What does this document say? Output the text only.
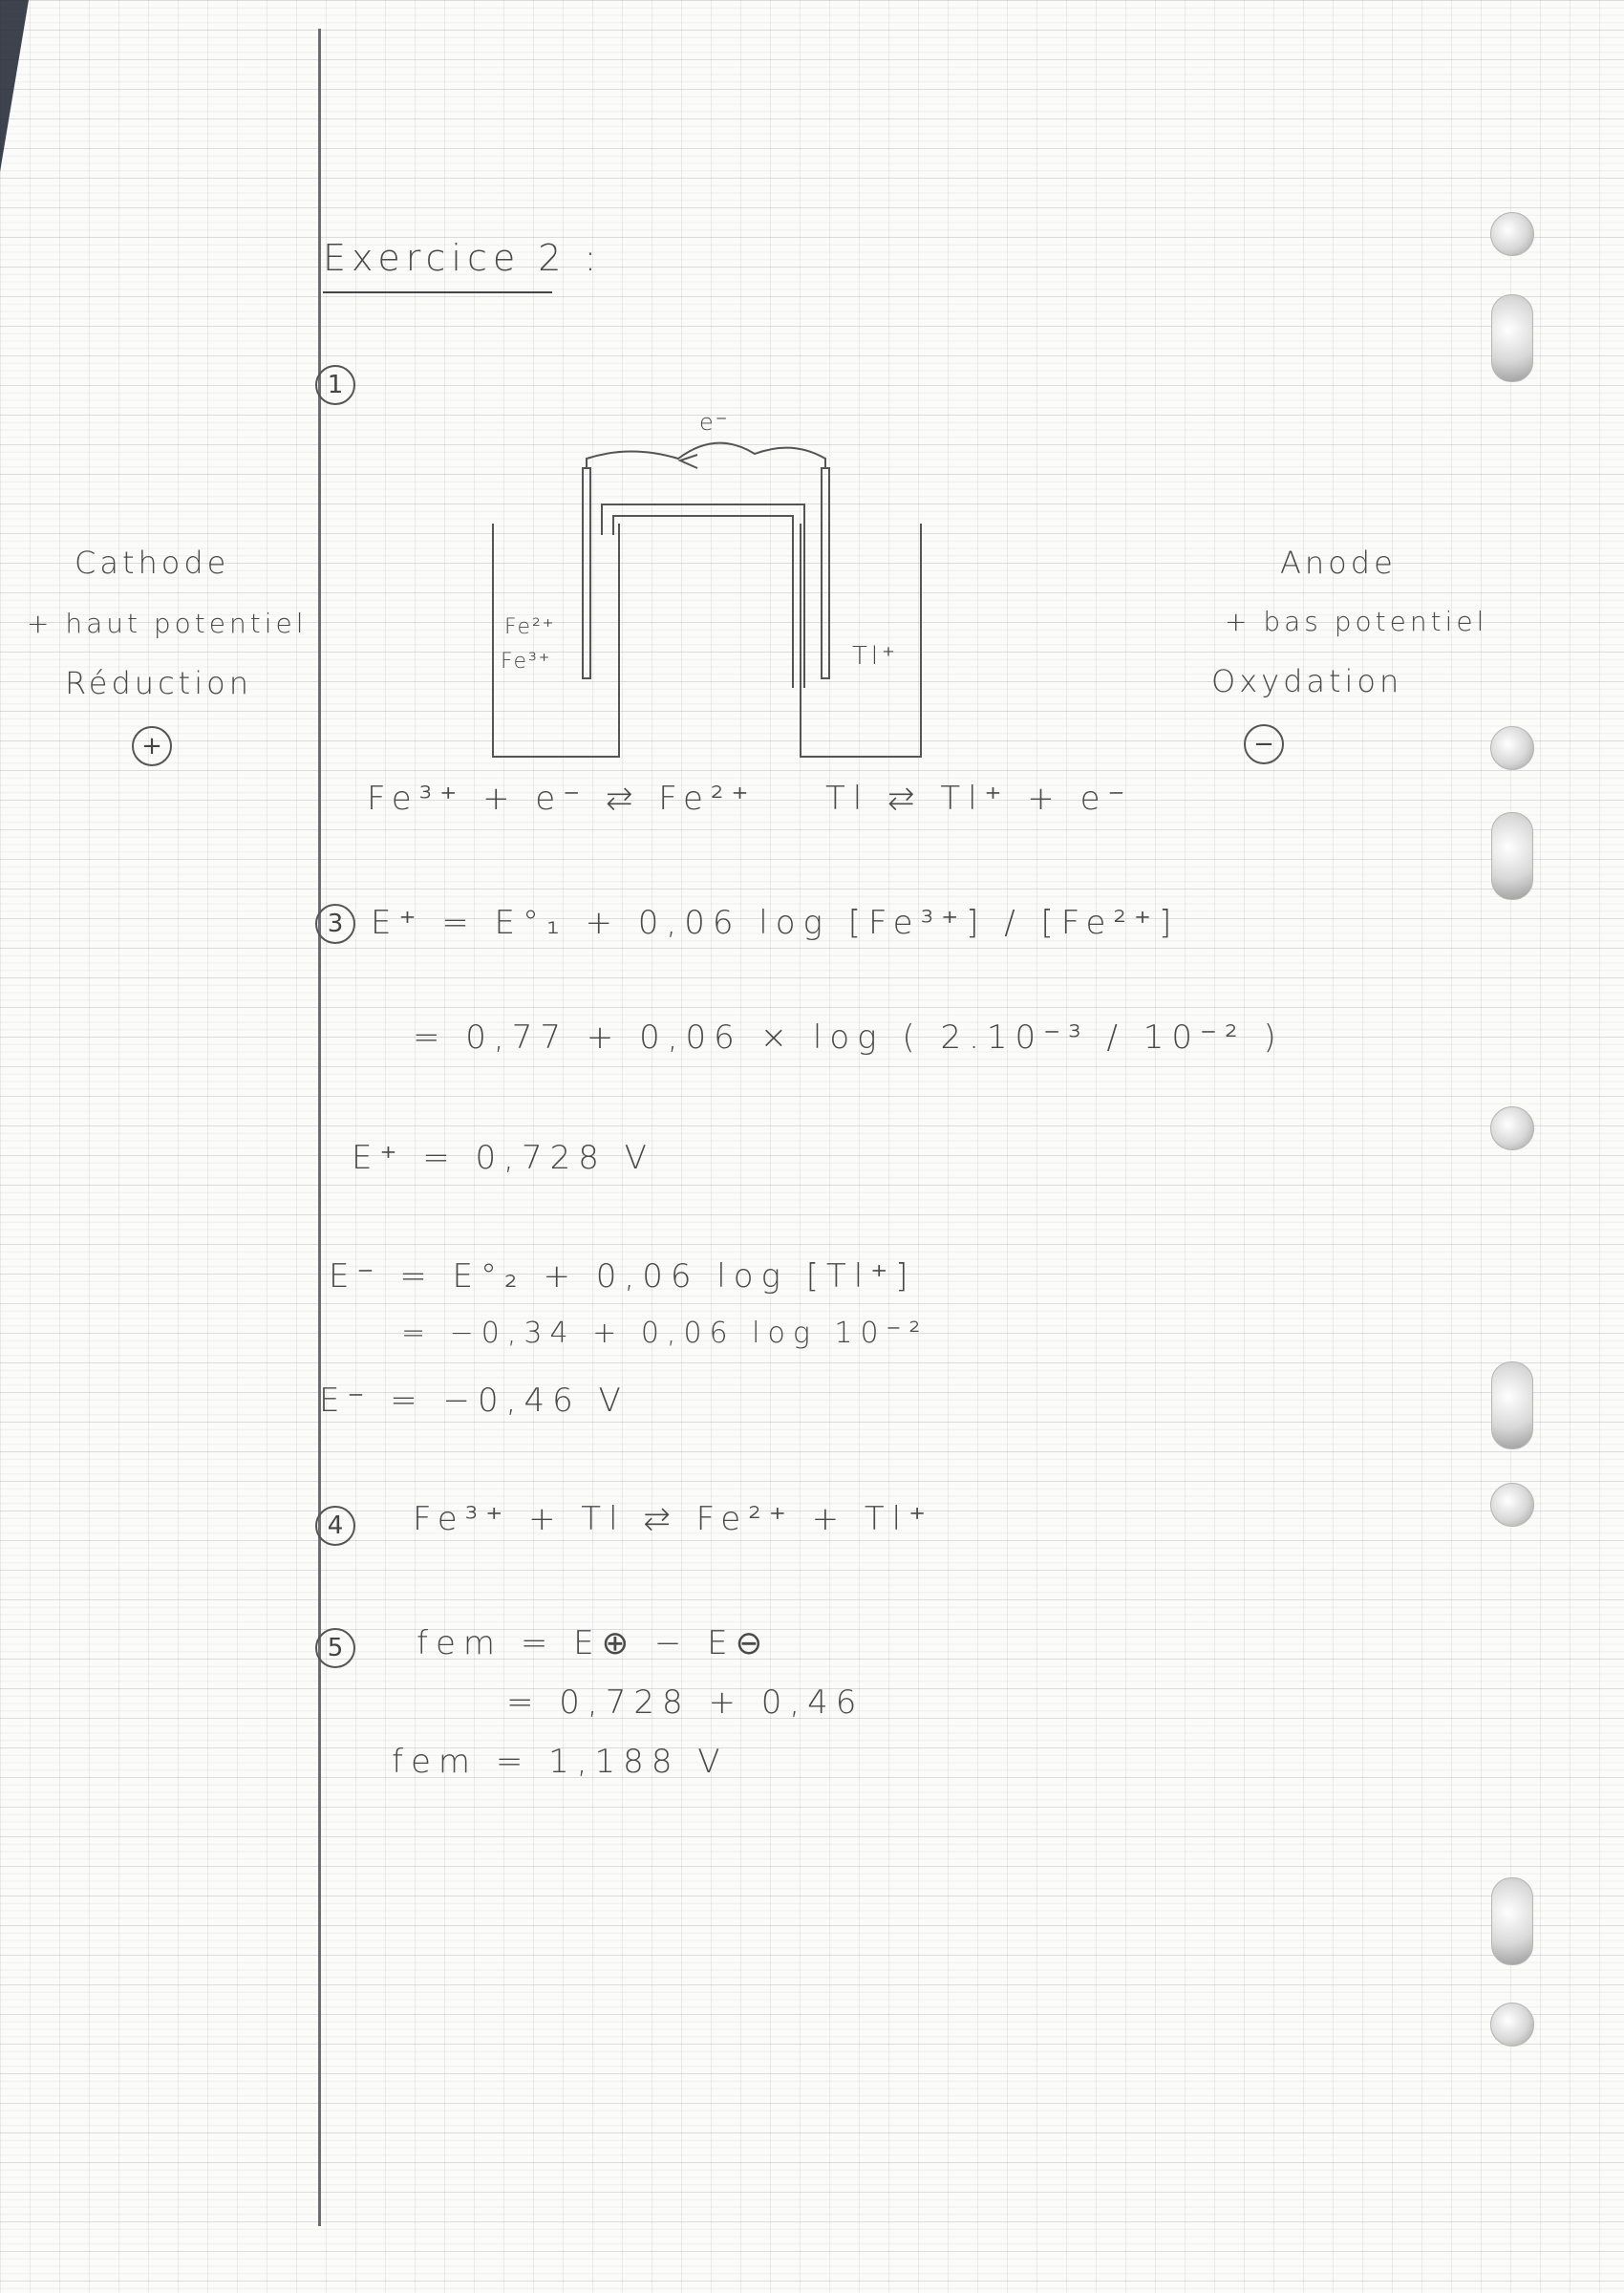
Exercice 2 :
1
Cathode
+ haut potentiel
Réduction
+
Anode
+ bas potentiel
Oxydation
−
e⁻
Fe²⁺
Fe³⁺	Tl⁺
Fe³⁺ + e⁻ ⇄ Fe²⁺ Tl ⇄ Tl⁺ + e⁻
3 E⁺ = E°₁ + 0,06 log [Fe³⁺] / [Fe²⁺]
= 0,77 + 0,06 × log ( 2.10⁻³ / 10⁻² )
E⁺ = 0,728 V
E⁻ = E°₂ + 0,06 log [Tl⁺]
= −0,34 + 0,06 log 10⁻²
E⁻ = −0,46 V
4	Fe³⁺ + Tl ⇄ Fe²⁺ + Tl⁺
5	fem = E⊕ − E⊖
= 0,728 + 0,46
fem = 1,188 V
